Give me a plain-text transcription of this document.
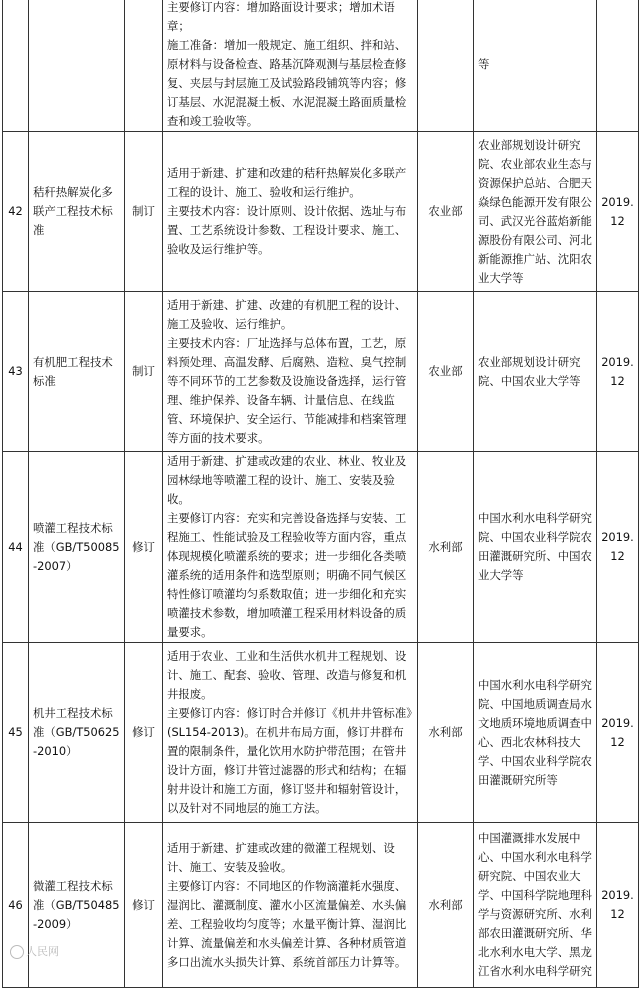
			主要修订内容：增加路面设计要求；增加术语章；
施工准备：增加一般规定、施工组织、拌和站、原材料与设备检查、路基沉降观测与基层检查修复、夹层与封层施工及试验路段铺筑等内容；修订基层、水泥混凝土板、水泥混凝土路面质量检查和竣工验收等。		等	
42	秸秆热解炭化多联产工程技术标准	制订	适用于新建、扩建和改建的秸秆热解炭化多联产工程的设计、施工、验收和运行维护。
主要技术内容：设计原则、设计依据、选址与布置、工艺系统设计参数、工程设计要求、施工、验收及运行维护等。	农业部	农业部规划设计研究院、农业部农业生态与资源保护总站、合肥天焱绿色能源开发有限公司、武汉光谷蓝焰新能源股份有限公司、河北新能源推广站、沈阳农业大学等	2019.12
43	有机肥工程技术标准	制订	适用于新建、扩建、改建的有机肥工程的设计、施工及验收、运行维护。
主要技术内容：厂址选择与总体布置，工艺，原料预处理、高温发酵、后腐熟、造粒、臭气控制等不同环节的工艺参数及设施设备选择，运行管理、维护保养、设备车辆、计量信息、在线监管、环境保护、安全运行、节能减排和档案管理等方面的技术要求。	农业部	农业部规划设计研究院、中国农业大学等	2019.12
44	喷灌工程技术标准（GB/T50085-2007）	修订	适用于新建、扩建或改建的农业、林业、牧业及园林绿地等喷灌工程的设计、施工、安装及验收。
主要修订内容：充实和完善设备选择与安装、工程施工、性能试验及工程验收等方面内容，重点体现规模化喷灌系统的要求；进一步细化各类喷灌系统的适用条件和选型原则；明确不同气候区特性修订喷灌均匀系数取值；进一步细化和充实喷灌技术参数，增加喷灌工程采用材料设备的质量要求。	水利部	中国水利水电科学研究院、中国农业科学院农田灌溉研究所、中国农业大学等	2019.12
45	机井工程技术标准（GB/T50625-2010）	修订	适用于农业、工业和生活供水机井工程规划、设计、施工、配套、验收、管理、改造与修复和机井报废。
主要修订内容：修订时合并修订《机井井管标准》(SL154-2013)。在机井布局方面，修订井群布置的限制条件，量化饮用水防护带范围；在管井设计方面，修订井管过滤器的形式和结构；在辐射井设计和施工方面，修订竖井和辐射管设计，以及针对不同地层的施工方法。	水利部	中国水利水电科学研究院、中国地质调查局水文地质环境地质调查中心、西北农林科技大学、中国农业科学院农田灌溉研究所等	2019.12
46	微灌工程技术标准（GB/T50485-2009）	修订	适用于新建、扩建或改建的微灌工程规划、设计、施工、安装及验收。
主要修订内容：不同地区的作物滴灌耗水强度、湿润比、灌溉制度、灌水小区流量偏差、水头偏差、工程验收均匀度等；水量平衡计算、湿润比计算、流量偏差和水头偏差计算、各种材质管道多口出流水头损失计算、系统首部压力计算等。	水利部	中国灌溉排水发展中心、中国水利水电科学研究院、中国农业大学、中国科学院地理科学与资源研究所、水利部农田灌溉研究所、华北水利水电大学、黑龙江省水利水电科学研究	2019.12
人民网
